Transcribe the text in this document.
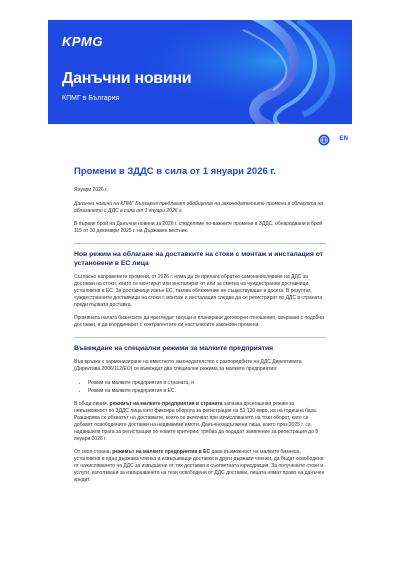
KPMG
Данъчни новини
КПМГ в България
EN
Промени в ЗДДС в сила от 1 януари 2026 г.
Януари 2026 г.

Данъчни новини на КПМГ България предлагат обобщение на законодателните промени в областта на облагането с ДДС в сила от 1 януари 2026 г.

В първия брой на Данъчни новини за 2026 г. споделяме по-важните промени в ЗДДС, обнародвани в брой 115 от 30 декември 2025 г. на Държавен вестник.

Нов режим на облагане на доставките на стоки с монтаж и инсталация от установени в ЕС лица

Съгласно направените промени, от 2026 г. няма да се прилага обратно самоначисляване на ДДС за доставки на стоки, които се монтират или инсталират от или за сметка на чуждестранни доставчици, установени в ЕС. За доставчици извън ЕС, такова облекчение не съществуваше и досега. В резултат, чуждестранните доставчици на стоки с монтаж и инсталация следва да се регистрират по ДДС в страната преди първата доставка.

Промяната налага бизнесите да прегледат текущи и планирани договорни отношения, свързани с подобни доставки, и да координират с контрагентите си настъпилите законови промени.

Въвеждане на специални режими за малките предприятия

Във връзка с хармонизиране на вместното законодателство с разпоредбите на ДДС Директивата (Директива 2006/112/ЕО) се въвеждат два специални режима за малките предприятия:

• Режим на малките предприятия в страната, и
• Режим на малките предприятия в ЕС.

В общи линии, режимът на малките предприятия в страната запазва досегашния режим за невъзможност по ЗДДС лица като фиксира оборота за регистрация на 51 130 евро, на на годишна база. Разширява се обхватът на доставките, които се включват при изчисляването на този оборот, като се добавят освободените доставки на недвижими имоти. Данъчнозадължени лица, които през 2025 г. са надвишили прага за регистрация по новите критерии, трябва да подадат заявление за регистрация до 8 януари 2026 г.

От своя страна, режимът на малките предприятия в ЕС дава възможност на малките бизнеси, установени в една държава членка и извършващи доставки в други държави членки, да бъдат освободени от начисляването на ДДС за извършени от тях доставки в съответната юрисдикция. За получените стоки и услуги, използвани за извършването на тези освободени от ДДС доставки, лицата нямат право на данъчен кредит.
